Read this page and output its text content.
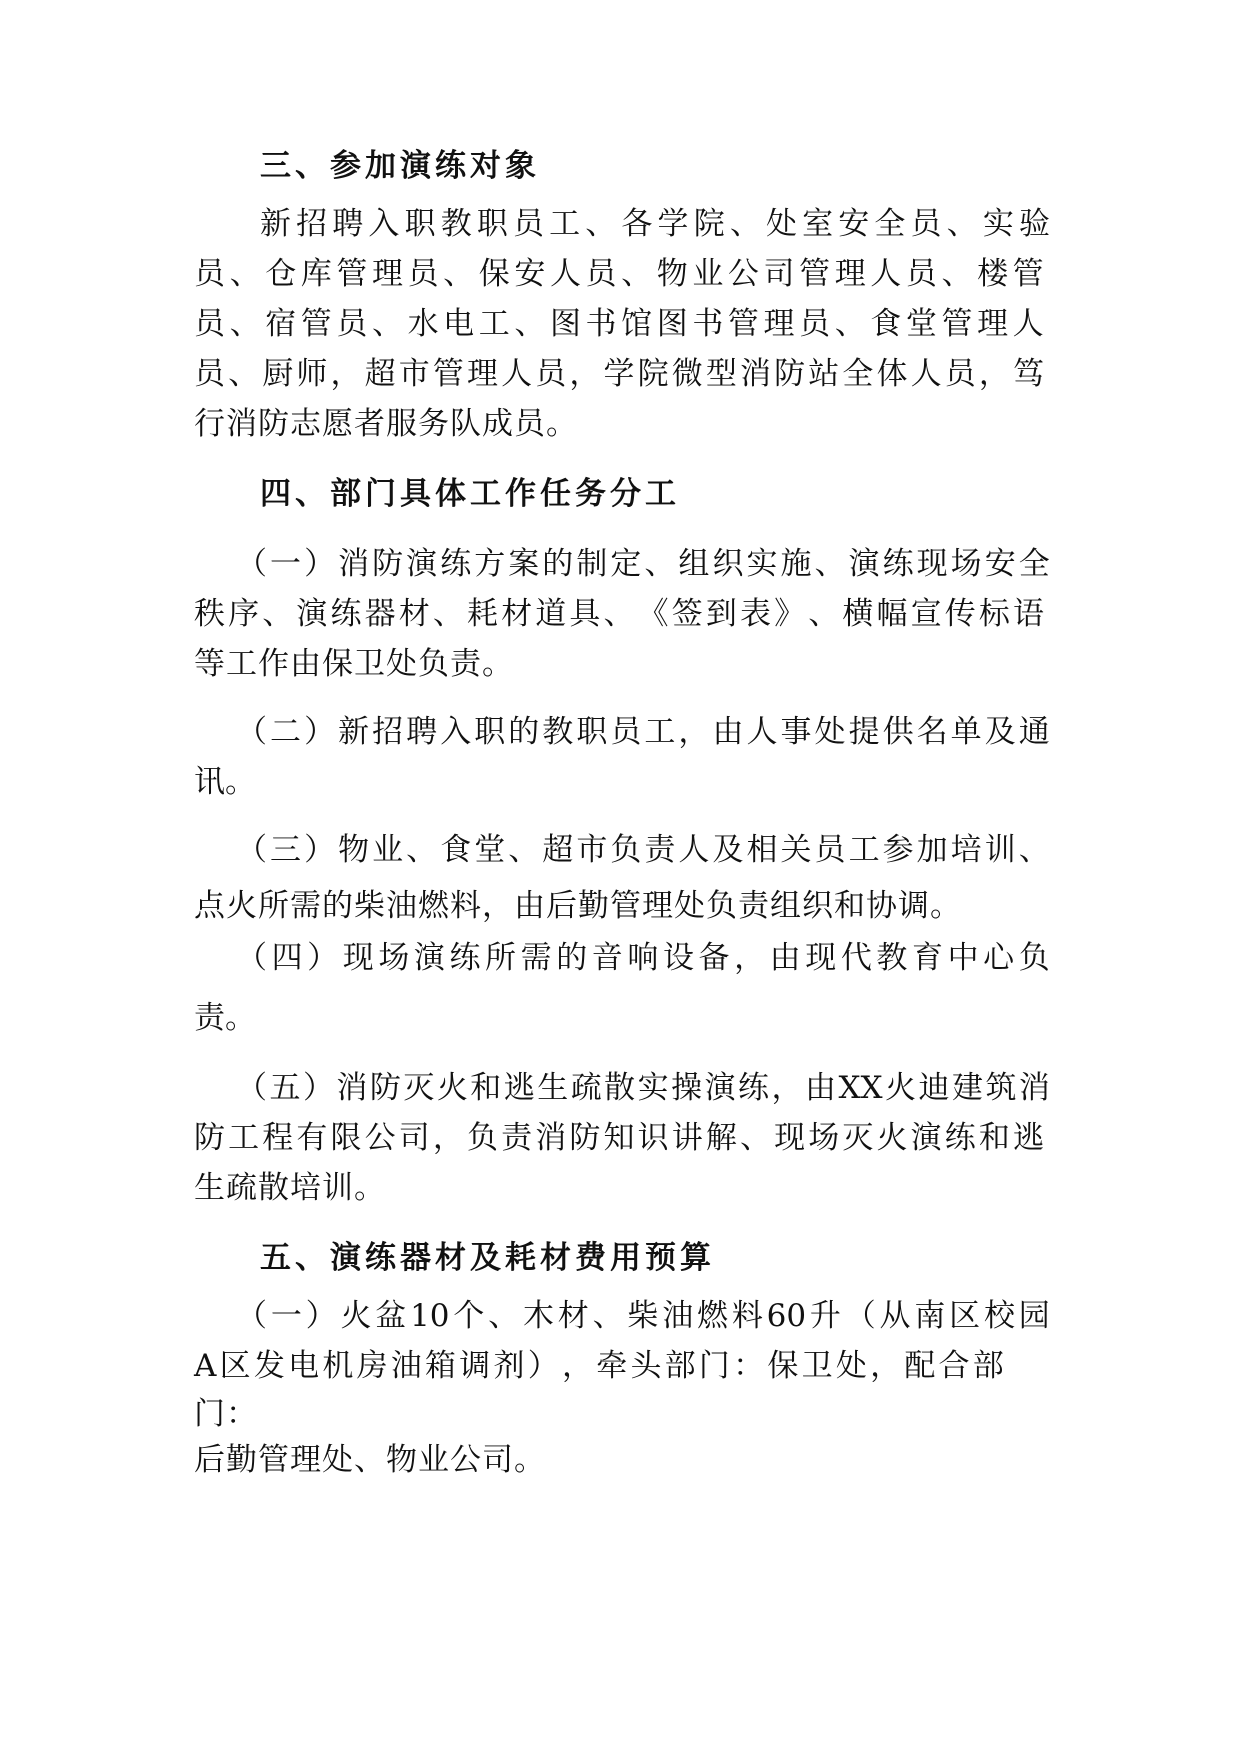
三、参加演练对象
新 招 聘 入 职 教 职 员 工 、 各 学 院 、 处 室 安 全 员 、 实 验
员 、 仓 库 管 理 员 、 保 安 人 员 、 物 业 公 司 管 理 人 员 、 楼 管
员 、 宿 管 员 、 水 电 工 、 图 书 馆 图 书 管 理 员 、 食 堂 管 理 人
员 、 厨 师 ， 超 市 管 理 人 员 ， 学 院 微 型 消 防 站 全 体 人 员 ， 笃
行消防志愿者服务队成员。
四、部门具体工作任务分工
（ 一 ） 消 防 演 练 方 案 的 制 定 、 组 织 实 施 、 演 练 现 场 安 全
秩 序 、 演 练 器 材 、 耗 材 道 具 、 《 签 到 表 》 、 横 幅 宣 传 标 语
等工作由保卫处负责。
（ 二 ） 新 招 聘 入 职 的 教 职 员 工 ， 由 人 事 处 提 供 名 单 及 通
讯。
（ 三 ） 物 业 、 食 堂 、 超 市 负 责 人 及 相 关 员 工 参 加 培 训 、
点火所需的柴油燃料，由后勤管理处负责组织和协调。
（ 四 ） 现 场 演 练 所 需 的 音 响 设 备 ， 由 现 代 教 育 中 心 负
责。
（ 五 ） 消 防 灭 火 和 逃 生 疏 散 实 操 演 练 ， 由 XX 火 迪 建 筑 消
防 工 程 有 限 公 司 ， 负 责 消 防 知 识 讲 解 、 现 场 灭 火 演 练 和 逃
生疏散培训。
五、演练器材及耗材费用预算
（ 一 ） 火 盆 10 个 、 木 材 、 柴 油 燃 料 60 升 （ 从 南 区 校 园
A 区 发 电 机 房 油 箱 调 剂 ） ， 牵 头 部 门 ： 保 卫 处 ， 配 合 部
门：
后勤管理处、物业公司。
